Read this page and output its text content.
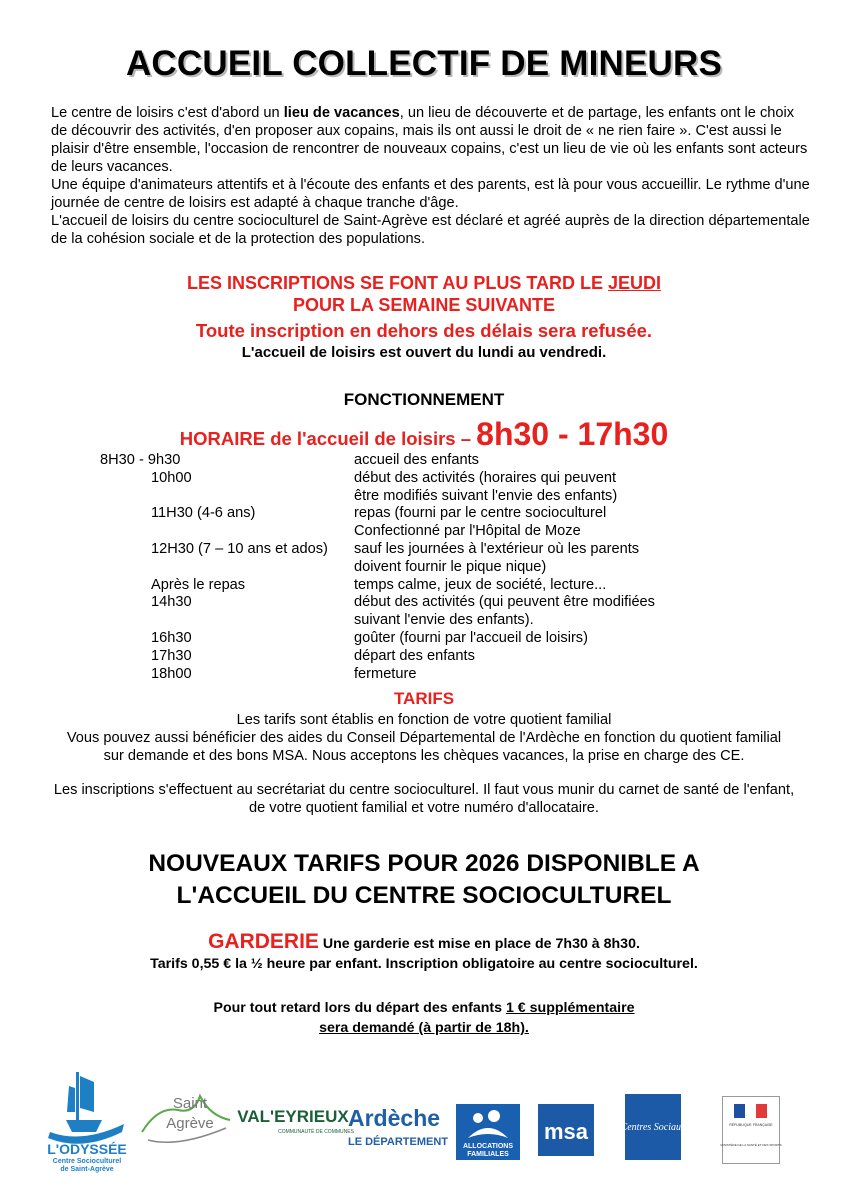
ACCUEIL COLLECTIF DE MINEURS

Le centre de loisirs c'est d'abord un lieu de vacances, un lieu de découverte et de partage, les enfants ont le choix de découvrir des activités, d'en proposer aux copains, mais ils ont aussi le droit de « ne rien faire ». C'est aussi le plaisir d'être ensemble, l'occasion de rencontrer de nouveaux copains, c'est un lieu de vie où les enfants sont acteurs de leurs vacances.

Une équipe d'animateurs attentifs et à l'écoute des enfants et des parents, est là pour vous accueillir. Le rythme d'une journée de centre de loisirs est adapté à chaque tranche d'âge.

L'accueil de loisirs du centre socioculturel de Saint-Agrève est déclaré et agréé auprès de la direction départementale de la cohésion sociale et de la protection des populations.

LES INSCRIPTIONS SE FONT AU PLUS TARD LE JEUDI
POUR LA SEMAINE SUIVANTE
Toute inscription en dehors des délais sera refusée.
L'accueil de loisirs est ouvert du lundi au vendredi.
FONCTIONNEMENT
HORAIRE de l'accueil de loisirs – 8h30 - 17h30
8H30 - 9h30	accueil des enfants
10h00	début des activités (horaires qui peuvent
être modifiés suivant l'envie des enfants)
11H30 (4-6 ans)	repas (fourni par le centre socioculturel
Confectionné par l'Hôpital de Moze
12H30 (7 – 10 ans et ados)	sauf les journées à l'extérieur où les parents
doivent fournir le pique nique)
Après le repas	temps calme, jeux de société, lecture...
14h30	début des activités (qui peuvent être modifiées
suivant l'envie des enfants).
16h30	goûter (fourni par l'accueil de loisirs)
17h30	départ des enfants
18h00	fermeture
TARIFS
Les tarifs sont établis en fonction de votre quotient familial
Vous pouvez aussi bénéficier des aides du Conseil Départemental de l'Ardèche en fonction du quotient familial sur demande et des bons MSA. Nous acceptons les chèques vacances, la prise en charge des CE.
Les inscriptions s'effectuent au secrétariat du centre socioculturel. Il faut vous munir du carnet de santé de l'enfant, de votre quotient familial et votre numéro d'allocataire.
NOUVEAUX TARIFS POUR 2026 DISPONIBLE A
L'ACCUEIL DU CENTRE SOCIOCULTUREL
GARDERIE Une garderie est mise en place de 7h30 à 8h30.
Tarifs 0,55 € la ½ heure par enfant. Inscription obligatoire au centre socioculturel.
Pour tout retard lors du départ des enfants 1 € supplémentaire
sera demandé (à partir de 18h).
L'ODYSSÉE
Centre Socioculturel
de Saint-Agrève
Saint
Agrève VAL'EYRIEUX
COMMUNAUTÉ DE COMMUNES
Ardèche
LE DÉPARTEMENT ALLOCATIONS
FAMILIALES
msa	Centres Sociaux	RÉPUBLIQUE FRANÇAISE
MINISTÈRE DE LA SANTÉ ET DES SPORTS
